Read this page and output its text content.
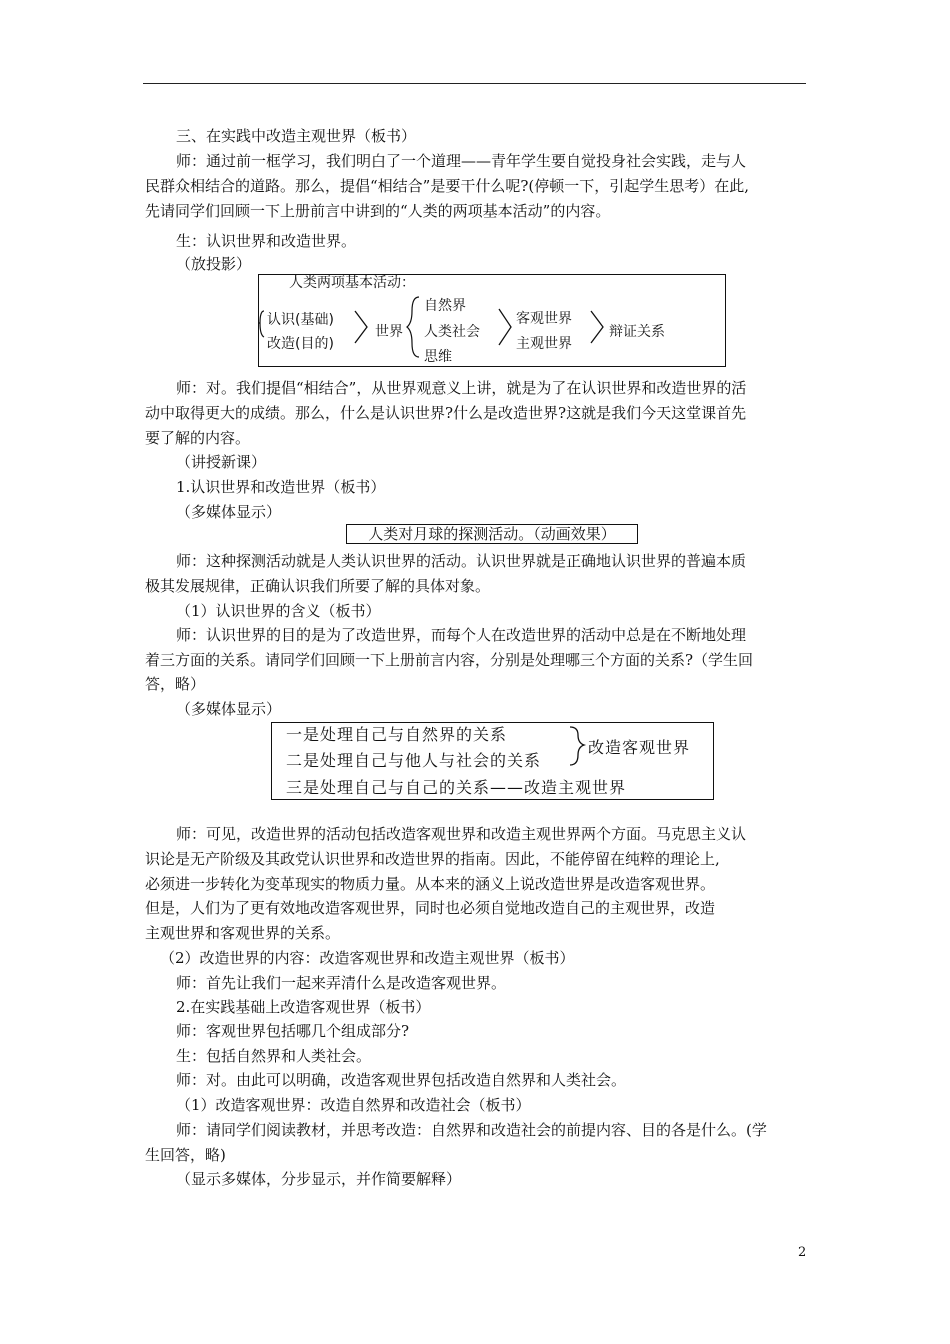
三、在实践中改造主观世界（板书）
师：通过前一框学习，我们明白了一个道理——青年学生要自觉投身社会实践，走与人
民群众相结合的道路。那么，提倡“相结合”是要干什么呢?(停顿一下，引起学生思考）在此,
先请同学们回顾一下上册前言中讲到的“人类的两项基本活动”的内容。
生：认识世界和改造世界。
（放投影）
人类两项基本活动：
认识(基础)
改造(目的)
世界
自然界
人类社会
思维
客观世界
主观世界
辩证关系
师：对。我们提倡“相结合”，从世界观意义上讲，就是为了在认识世界和改造世界的活
动中取得更大的成绩。那么，什么是认识世界?什么是改造世界?这就是我们今天这堂课首先
要了解的内容。
（讲授新课）
1.认识世界和改造世界（板书）
（多媒体显示）
人类对月球的探测活动。（动画效果）
师：这种探测活动就是人类认识世界的活动。认识世界就是正确地认识世界的普遍本质
极其发展规律，正确认识我们所要了解的具体对象。
（1）认识世界的含义（板书）
师：认识世界的目的是为了改造世界，而每个人在改造世界的活动中总是在不断地处理
着三方面的关系。请同学们回顾一下上册前言内容，分别是处理哪三个方面的关系?（学生回
答，略）
（多媒体显示）
一是处理自己与自然界的关系
二是处理自己与他人与社会的关系
三是处理自己与自己的关系——改造主观世界
改造客观世界
师：可见，改造世界的活动包括改造客观世界和改造主观世界两个方面。马克思主义认
识论是无产阶级及其政党认识世界和改造世界的指南。因此，不能停留在纯粹的理论上,
必须进一步转化为变革现实的物质力量。从本来的涵义上说改造世界是改造客观世界。
但是，人们为了更有效地改造客观世界，同时也必须自觉地改造自己的主观世界，改造
主观世界和客观世界的关系。
（2）改造世界的内容：改造客观世界和改造主观世界（板书）
师：首先让我们一起来弄清什么是改造客观世界。
2.在实践基础上改造客观世界（板书）
师：客观世界包括哪几个组成部分?
生：包括自然界和人类社会。
师：对。由此可以明确，改造客观世界包括改造自然界和人类社会。
（1）改造客观世界：改造自然界和改造社会（板书）
师：请同学们阅读教材，并思考改造：自然界和改造社会的前提内容、目的各是什么。(学
生回答，略)
（显示多媒体，分步显示，并作简要解释）
2
